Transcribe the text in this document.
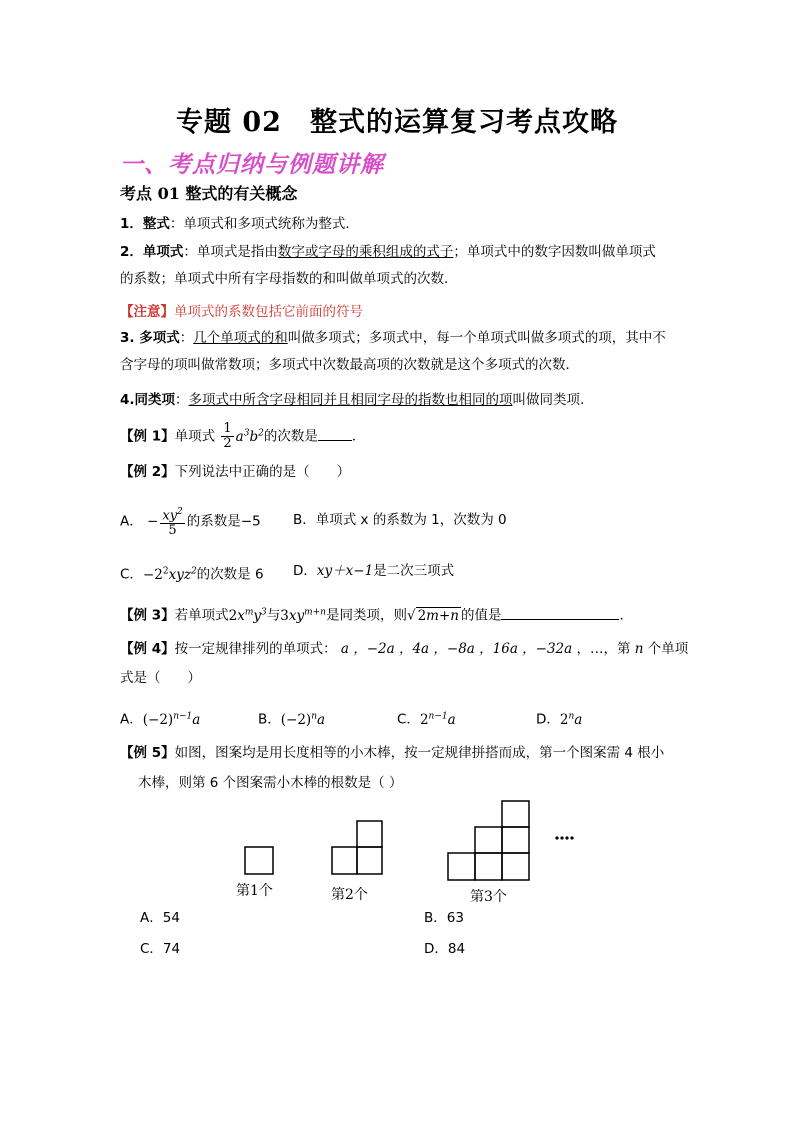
专题 02 整式的运算复习考点攻略
一、考点归纳与例题讲解
考点 01 整式的有关概念
1．整式：单项式和多项式统称为整式．
2．单项式：单项式是指由数字或字母的乘积组成的式子；单项式中的数字因数叫做单项式
的系数；单项式中所有字母指数的和叫做单项式的次数．
【注意】单项式的系数包括它前面的符号
3. 多项式：几个单项式的和叫做多项式；多项式中，每一个单项式叫做多项式的项，其中不
含字母的项叫做常数项；多项式中次数最高项的次数就是这个多项式的次数．
4.同类项：多项式中所含字母相同并且相同字母的指数也相同的项叫做同类项.
【例 1】单项式 $\frac{1}{2} a^3b^2$的次数是	．
【例 2】下列说法中正确的是（　　）
A． − $\frac{xy^2}{5}$ 的系数是−5 B．单项式 x 的系数为 1，次数为 0
C．$-2^2xyz^2$的次数是 6 D．xy＋x−1是二次三项式
【例 3】若单项式$2x^my^3$与$3xy^{m+n}$是同类项，则√ 2m+n 的值是	．
【例 4】按一定规律排列的单项式： a ，−2a ，4a ，−8a ，16a ，−32a ，…，第 n 个单项
式是（　　）
A．$(-2)^{n-1}a$	B．$(-2)^na$	C．$2^{n-1}a$	D．2$^n$a
【例 5】如图，图案均是用长度相等的小木棒，按一定规律拼搭而成，第一个图案需 4 根小
木棒，则第 6 个图案需小木棒的根数是（ ）
第1个	第2个	第3个
A．54	B．63
C．74	D．84
